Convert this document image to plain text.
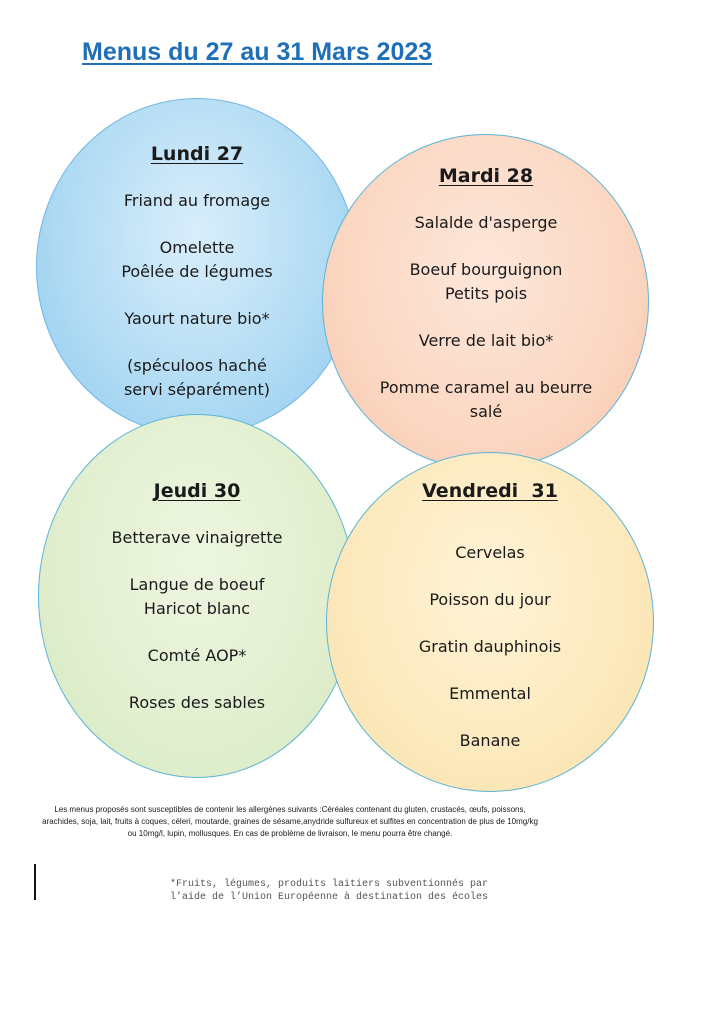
Menus du 27 au 31 Mars 2023
Lundi 27
Friand au fromage
Omelette
Poêlée de légumes
Yaourt nature bio*
(spéculoos haché
servi séparément)
Mardi 28
Salalde d'asperge
Boeuf bourguignon
Petits pois
Verre de lait bio*
Pomme caramel au beurre
salé
Jeudi 30
Betterave vinaigrette
Langue de boeuf
Haricot blanc
Comté AOP*
Roses des sables
Vendredi  31
Cervelas
Poisson du jour
Gratin dauphinois
Emmental
Banane
Les menus proposés sont susceptibles de contenir les allergènes suivants :Céréales contenant du gluten, crustacés, œufs, poissons, arachides, soja, lait, fruits à coques, céleri, moutarde, graines de sésame,anydride sulfureux et sulfites en concentration de plus de 10mg/kg ou 10mg/l, lupin, mollusques. En cas de problème de livraison, le menu pourra être changé.
*Fruits, légumes, produits laitiers subventionnés par
l’aide de l’Union Européenne à destination des écoles
